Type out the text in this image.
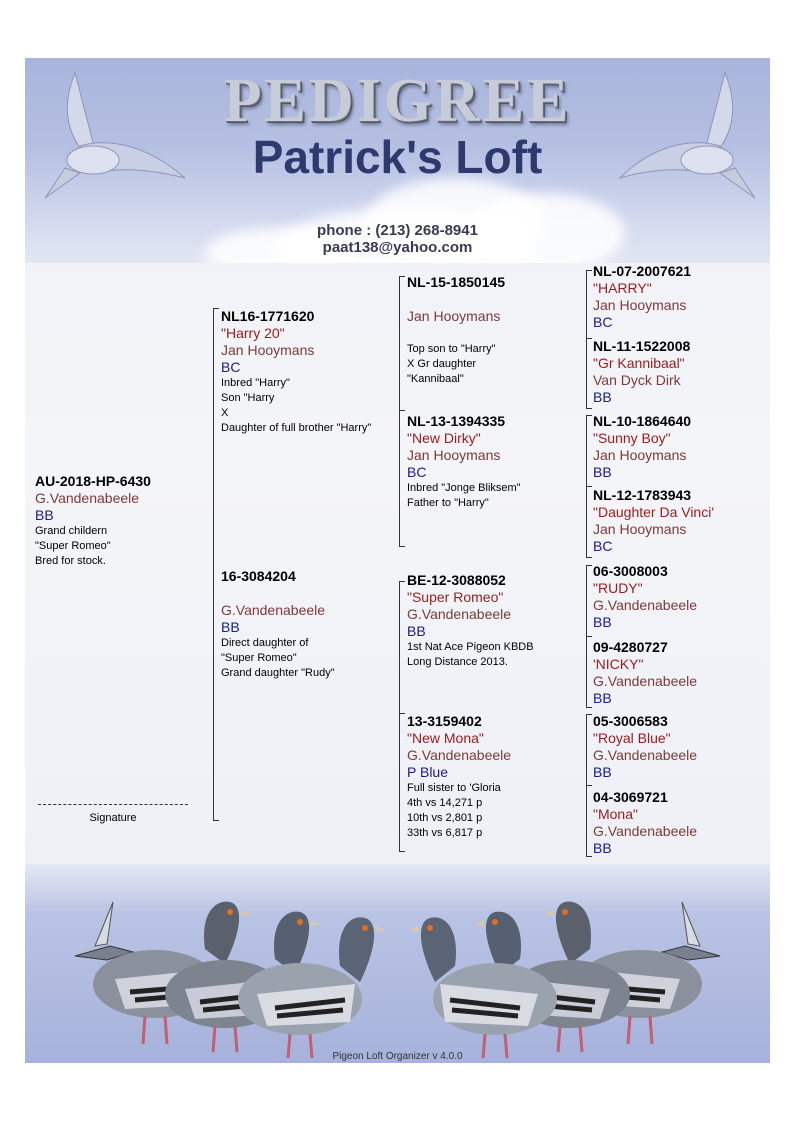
PEDIGREE
Patrick's Loft
phone : (213) 268-8941
paat138@yahoo.com
AU-2018-HP-6430
G.Vandenabeele
BB
Grand childern
"Super Romeo"
Bred for stock.
NL16-1771620
"Harry 20"
Jan Hooymans
BC
Inbred "Harry"
Son "Harry
X
Daughter of full brother "Harry"
16-3084204

G.Vandenabeele
BB
Direct daughter of
"Super Romeo"
Grand daughter "Rudy"
NL-15-1850145

Jan Hooymans

Top son to "Harry"
X Gr daughter
"Kannibaal"
NL-13-1394335
"New Dirky"
Jan Hooymans
BC
Inbred "Jonge Bliksem"
Father to "Harry"
BE-12-3088052
"Super Romeo"
G.Vandenabeele
BB
1st Nat Ace Pigeon KBDB
Long Distance 2013.
13-3159402
"New Mona"
G.Vandenabeele
P Blue
Full sister to 'Gloria
4th vs 14,271 p
10th vs 2,801 p
33th vs 6,817 p
NL-07-2007621
"HARRY"
Jan Hooymans
BC
NL-11-1522008
"Gr Kannibaal"
Van Dyck Dirk
BB
NL-10-1864640
"Sunny Boy"
Jan Hooymans
BB
NL-12-1783943
"Daughter Da Vinci'
Jan Hooymans
BC
06-3008003
"RUDY"
G.Vandenabeele
BB
09-4280727
'NICKY"
G.Vandenabeele
BB
05-3006583
"Royal Blue"
G.Vandenabeele
BB
04-3069721
"Mona"
G.Vandenabeele
BB
Signature
Pigeon Loft Organizer v 4.0.0
